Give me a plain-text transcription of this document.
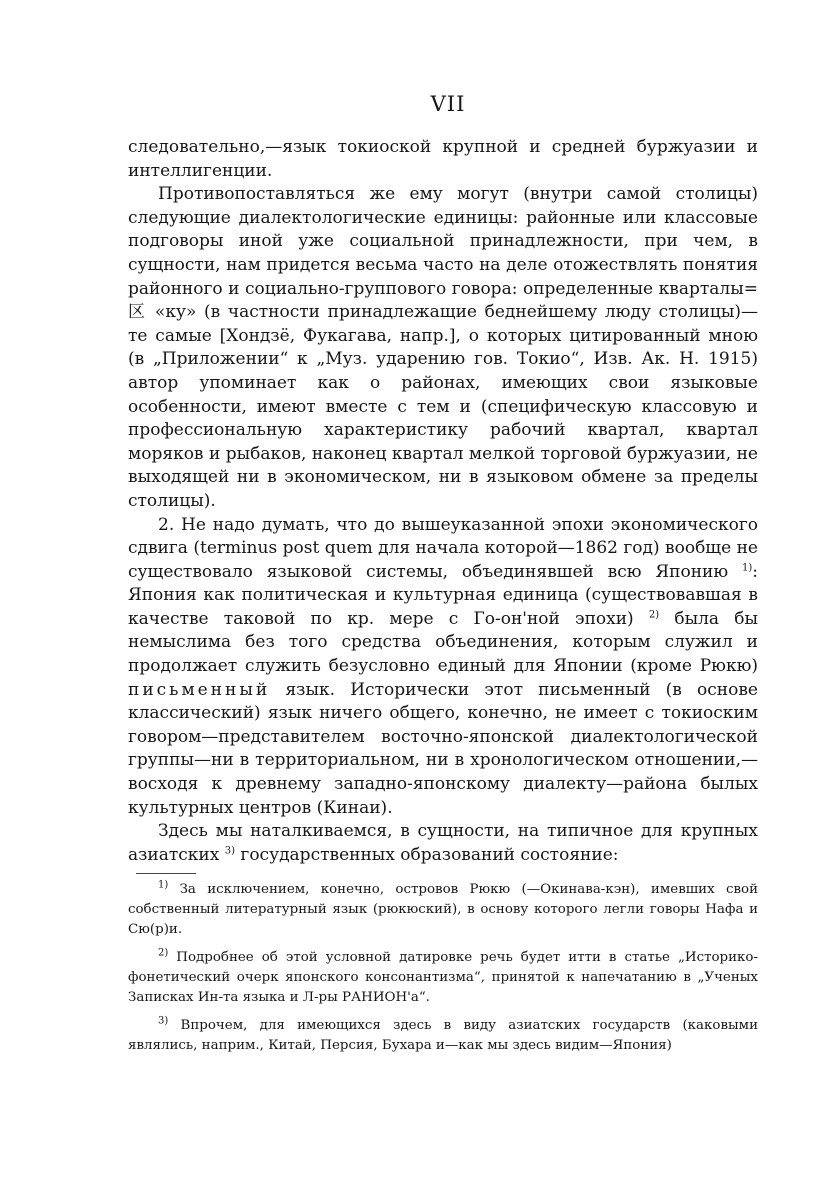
VII

следовательно,—язык токиоской крупной и средней буржуазии и интеллигенции.

Противопоставляться же ему могут (внутри самой столицы) следующие диалектологические единицы: районные или классовые подговоры иной уже социальной принадлежности, при чем, в сущности, нам придется весьма часто на деле отожествлять понятия районного и социально-группового говора: определенные кварталы=区 «ку» (в частности принадлежащие беднейшему люду столицы)— те самые [Хондзё, Фукагава, напр.], о которых цитированный мною (в „Приложении“ к „Муз. ударению гов. Токио“, Изв. Ак. Н. 1915) автор упоминает как о районах, имеющих свои языковые особенности, имеют вместе с тем и (специфическую классовую и профессиональную характеристику рабочий квартал, квартал моряков и рыбаков, наконец квартал мелкой торговой буржуазии, не выходящей ни в экономическом, ни в языковом обмене за пределы столицы).

2. Не надо думать, что до вышеуказанной эпохи экономического сдвига (terminus post quem для начала которой—1862 год) вообще не существовало языковой системы, объединявшей всю Японию $^{1)}$: Япония как политическая и культурная единица (существовавшая в качестве таковой по кр. мере с Го-он'ной эпохи) $^{2)}$ была бы немыслима без того средства объединения, которым служил и продолжает служить безусловно единый для Японии (кроме Рюкю) письменный язык. Исторически этот письменный (в основе классический) язык ничего общего, конечно, не имеет с токиоским говором—представителем восточно-японской диалектологической группы—ни в территориальном, ни в хронологическом отношении,—восходя к древнему западно-японскому диалекту—района былых культурных центров (Кинаи).

Здесь мы наталкиваемся, в сущности, на типичное для крупных азиатских $^{3)}$ государственных образований состояние:

$^{1)}$ За исключением, конечно, островов Рюкю (—Окинава-кэн), имевших свой собственный литературный язык (рюкюский), в основу которого легли говоры Нафа и Сю(р)и.

$^{2)}$ Подробнее об этой условной датировке речь будет итти в статье „Историко-фонетический очерк японского консонантизма“, принятой к напечатанию в „Ученых Записках Ин-та языка и Л-ры РАНИОН'а“.

$^{3)}$ Впрочем, для имеющихся здесь в виду азиатских государств (каковыми являлись, наприм., Китай, Персия, Бухара и—как мы здесь видим—Япония)
